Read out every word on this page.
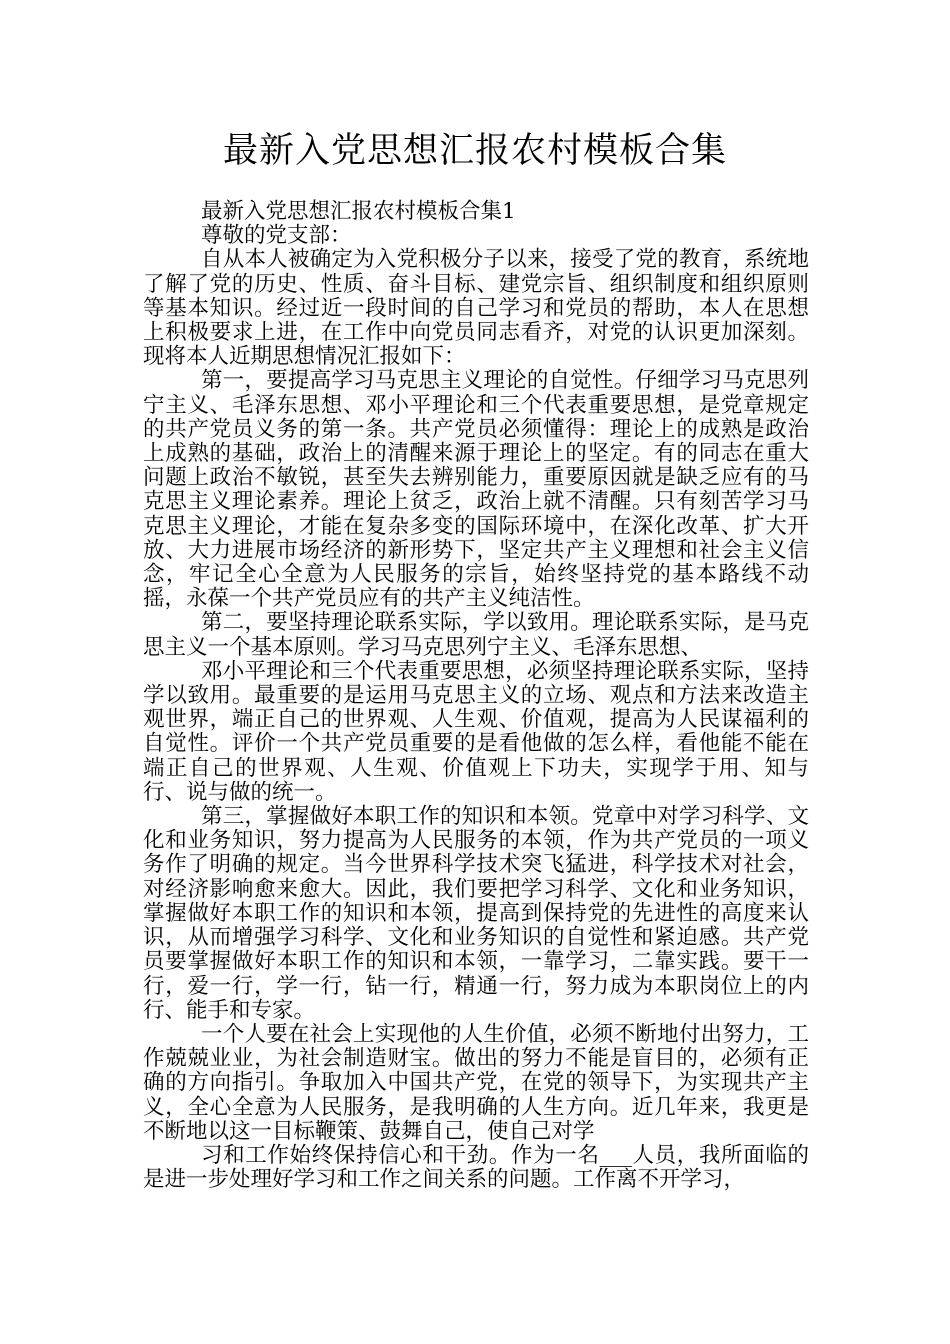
最新入党思想汇报农村模板合集

最新入党思想汇报农村模板合集1

尊敬的党支部：

自从本人被确定为入党积极分子以来，接受了党的教育，系统地了解了党的历史、性质、奋斗目标、建党宗旨、组织制度和组织原则等基本知识。经过近一段时间的自己学习和党员的帮助，本人在思想上积极要求上进，在工作中向党员同志看齐，对党的认识更加深刻。现将本人近期思想情况汇报如下：

第一，要提高学习马克思主义理论的自觉性。仔细学习马克思列宁主义、毛泽东思想、邓小平理论和三个代表重要思想，是党章规定的共产党员义务的第一条。共产党员必须懂得：理论上的成熟是政治上成熟的基础，政治上的清醒来源于理论上的坚定。有的同志在重大问题上政治不敏锐，甚至失去辨别能力，重要原因就是缺乏应有的马克思主义理论素养。理论上贫乏，政治上就不清醒。只有刻苦学习马克思主义理论，才能在复杂多变的国际环境中，在深化改革、扩大开放、大力进展市场经济的新形势下，坚定共产主义理想和社会主义信念，牢记全心全意为人民服务的宗旨，始终坚持党的基本路线不动摇，永葆一个共产党员应有的共产主义纯洁性。

第二，要坚持理论联系实际，学以致用。理论联系实际，是马克思主义一个基本原则。学习马克思列宁主义、毛泽东思想、

邓小平理论和三个代表重要思想，必须坚持理论联系实际，坚持学以致用。最重要的是运用马克思主义的立场、观点和方法来改造主观世界，端正自己的世界观、人生观、价值观，提高为人民谋福利的自觉性。评价一个共产党员重要的是看他做的怎么样，看他能不能在端正自己的世界观、人生观、价值观上下功夫，实现学于用、知与行、说与做的统一。

第三，掌握做好本职工作的知识和本领。党章中对学习科学、文化和业务知识，努力提高为人民服务的本领，作为共产党员的一项义务作了明确的规定。当今世界科学技术突飞猛进，科学技术对社会，对经济影响愈来愈大。因此，我们要把学习科学、文化和业务知识，掌握做好本职工作的知识和本领，提高到保持党的先进性的高度来认识，从而增强学习科学、文化和业务知识的自觉性和紧迫感。共产党员要掌握做好本职工作的知识和本领，一靠学习，二靠实践。要干一行，爱一行，学一行，钻一行，精通一行，努力成为本职岗位上的内行、能手和专家。

一个人要在社会上实现他的人生价值，必须不断地付出努力，工作兢兢业业，为社会制造财宝。做出的努力不能是盲目的，必须有正确的方向指引。争取加入中国共产党，在党的领导下，为实现共产主义，全心全意为人民服务，是我明确的人生方向。近几年来，我更是不断地以这一目标鞭策、鼓舞自己，使自己对学

习和工作始终保持信心和干劲。作为一名___人员，我所面临的是进一步处理好学习和工作之间关系的问题。工作离不开学习，
